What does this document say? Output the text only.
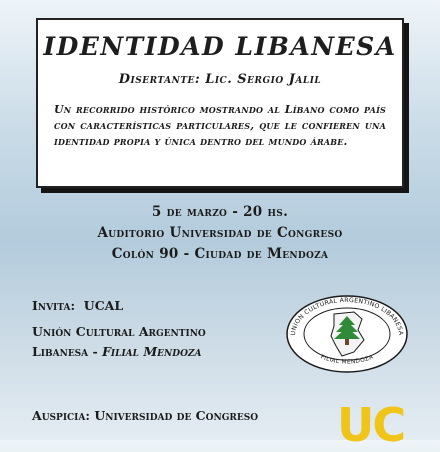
IDENTIDAD LIBANESA
Disertante: Lic. Sergio Jalil
Un recorrido histórico mostrando al Líbano como país con características particulares, que le confieren una identidad propia y única dentro del mundo árabe.
5 de marzo - 20 hs.
Auditorio Universidad de Congreso
Colón 90 - Ciudad de Mendoza
Invita: UCAL
Unión Cultural Argentino
Libanesa - Filial Mendoza
UNION CULTURAL ARGENTINO LIBANESA
FILIAL MENDOZA
Auspicia: Universidad de Congreso UC
